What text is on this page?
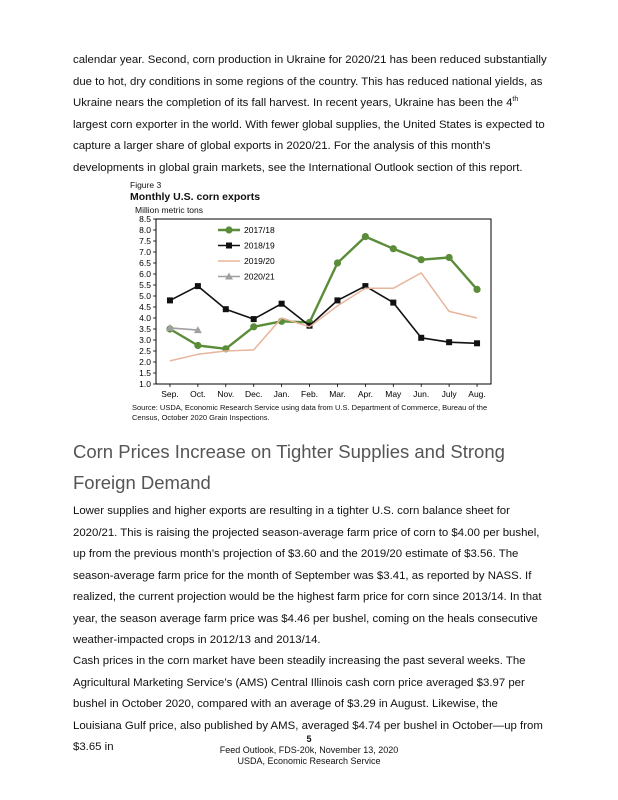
calendar year. Second, corn production in Ukraine for 2020/21 has been reduced substantially due to hot, dry conditions in some regions of the country. This has reduced national yields, as Ukraine nears the completion of its fall harvest. In recent years, Ukraine has been the 4th largest corn exporter in the world. With fewer global supplies, the United States is expected to capture a larger share of global exports in 2020/21. For the analysis of this month's developments in global grain markets, see the International Outlook section of this report.

Figure 3
Monthly U.S. corn exports
Million metric tons
1.0
1.5
2.0
2.5
3.0
3.5
4.0
4.5
5.0
5.5
6.0
6.5
7.0
7.5
8.0
8.5
Sep. Oct. Nov. Dec. Jan. Feb. Mar. Apr. May Jun. July Aug.
2017/18
2018/19
2019/20
2020/21
Source: USDA, Economic Research Service using data from U.S. Department of Commerce, Bureau of the Census, October 2020 Grain Inspections.
Corn Prices Increase on Tighter Supplies and Strong Foreign Demand

Lower supplies and higher exports are resulting in a tighter U.S. corn balance sheet for 2020/21. This is raising the projected season-average farm price of corn to $4.00 per bushel, up from the previous month’s projection of $3.60 and the 2019/20 estimate of $3.56. The season-average farm price for the month of September was $3.41, as reported by NASS. If realized, the current projection would be the highest farm price for corn since 2013/14. In that year, the season average farm price was $4.46 per bushel, coming on the heals consecutive weather-impacted crops in 2012/13 and 2013/14.

Cash prices in the corn market have been steadily increasing the past several weeks. The Agricultural Marketing Service’s (AMS) Central Illinois cash corn price averaged $3.97 per bushel in October 2020, compared with an average of $3.29 in August. Likewise, the Louisiana Gulf price, also published by AMS, averaged $4.74 per bushel in October—up from $3.65 in

5
Feed Outlook, FDS-20k, November 13, 2020
USDA, Economic Research Service
